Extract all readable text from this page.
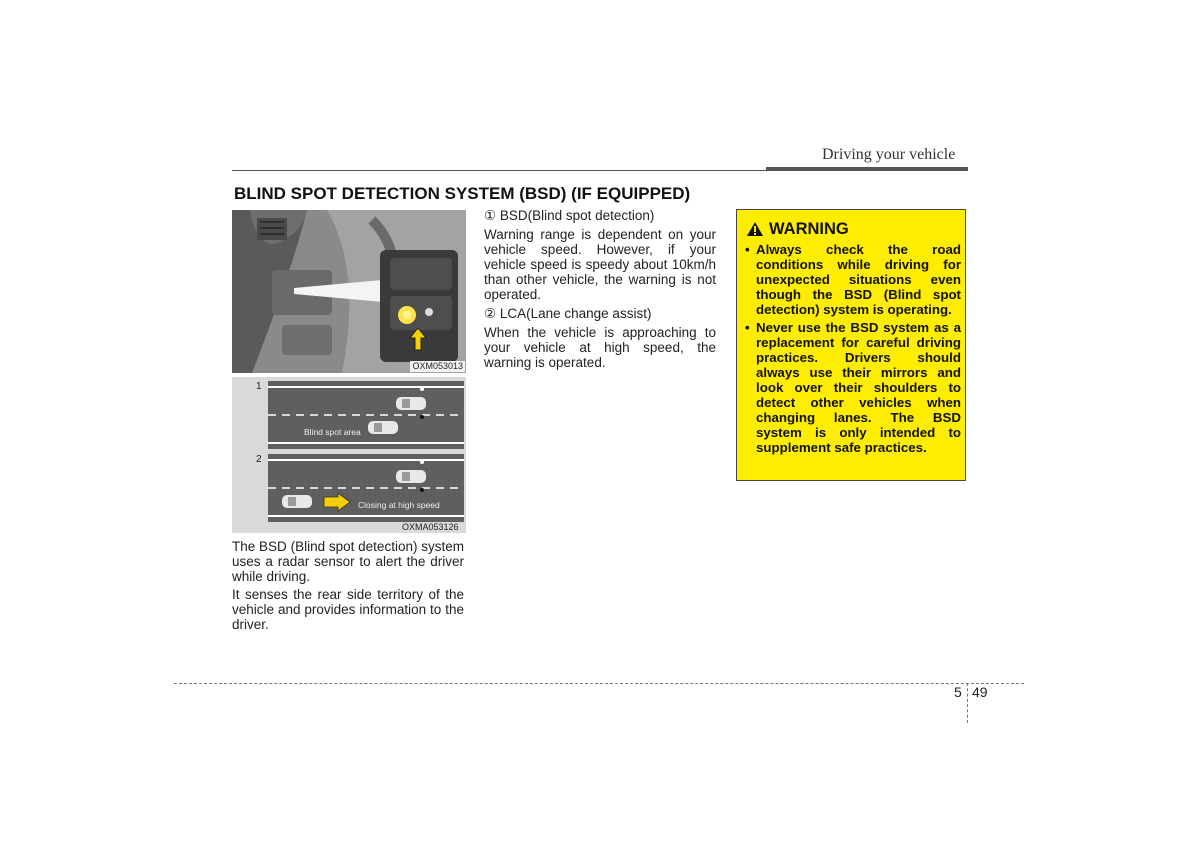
Driving your vehicle
BLIND SPOT DETECTION SYSTEM (BSD) (IF EQUIPPED)
OXM053013
1
2
Blind spot area
Closing at high speed
OXMA053126

The BSD (Blind spot detection) system uses a radar sensor to alert the driver while driving.

It senses the rear side territory of the vehicle and provides information to the driver.

① BSD(Blind spot detection)

Warning range is dependent on your vehicle speed. However, if your vehicle speed is speedy about 10km/h than other vehicle, the warning is not operated.

② LCA(Lane change assist)

When the vehicle is approaching to your vehicle at high speed, the warning is operated.

WARNING
• Always check the road conditions while driving for unexpected situations even though the BSD (Blind spot detection) system is operating.
• Never use the BSD system as a replacement for careful driving practices. Drivers should always use their mirrors and look over their shoulders to detect other vehicles when changing lanes. The BSD system is only intended to supplement safe practices.
5 49
